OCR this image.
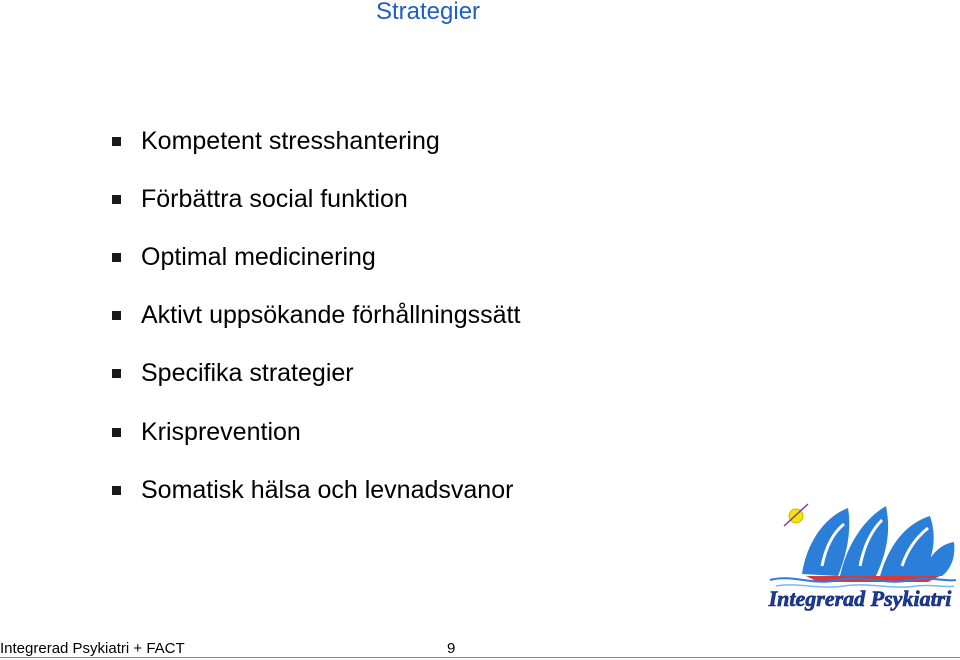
Strategier
Kompetent stresshantering
Förbättra social funktion
Optimal medicinering
Aktivt uppsökande förhållningssätt
Specifika strategier
Krisprevention
Somatisk hälsa och levnadsvanor
Integrerad Psykiatri
Integrerad Psykiatri + FACT	9
